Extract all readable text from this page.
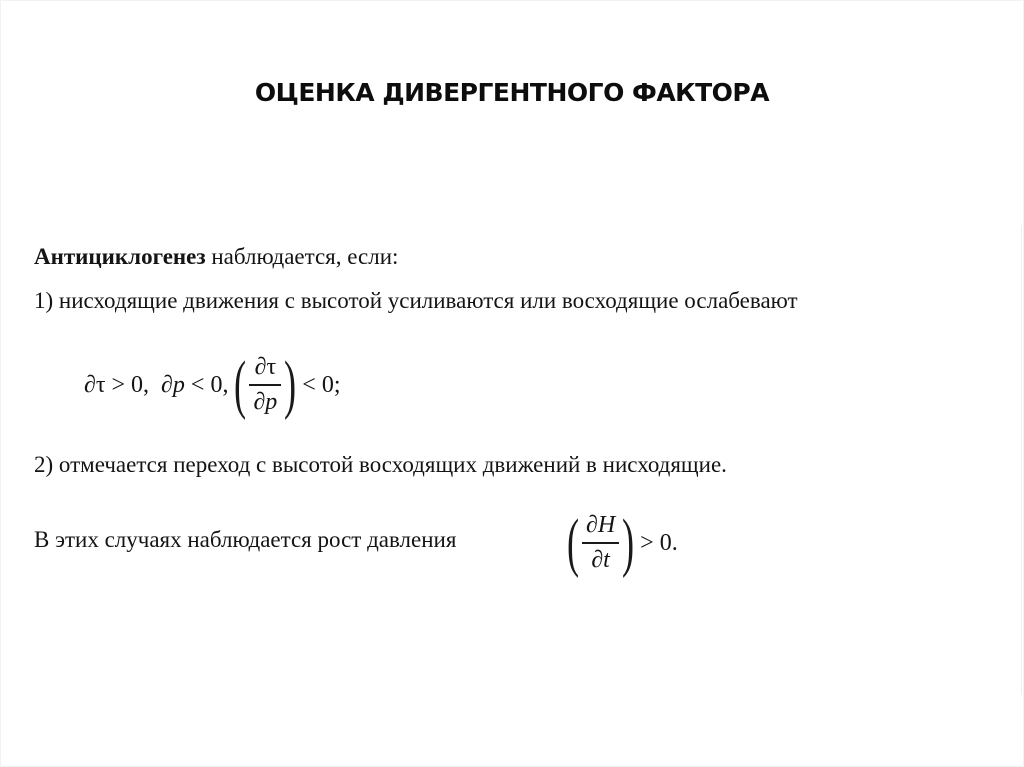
ОЦЕНКА ДИВЕРГЕНТНОГО ФАКТОРА
Антициклогенез наблюдается, если:
1) нисходящие движения с высотой усиливаются или восходящие ослабевают
∂τ > 0, ∂p < 0, ( $\frac{\partial\tau}{\partial p}$ ) < 0;
2) отмечается переход с высотой восходящих движений в нисходящие.
В этих случаях наблюдается рост давления ( $\frac{\partial H}{\partial t}$ ) > 0.
